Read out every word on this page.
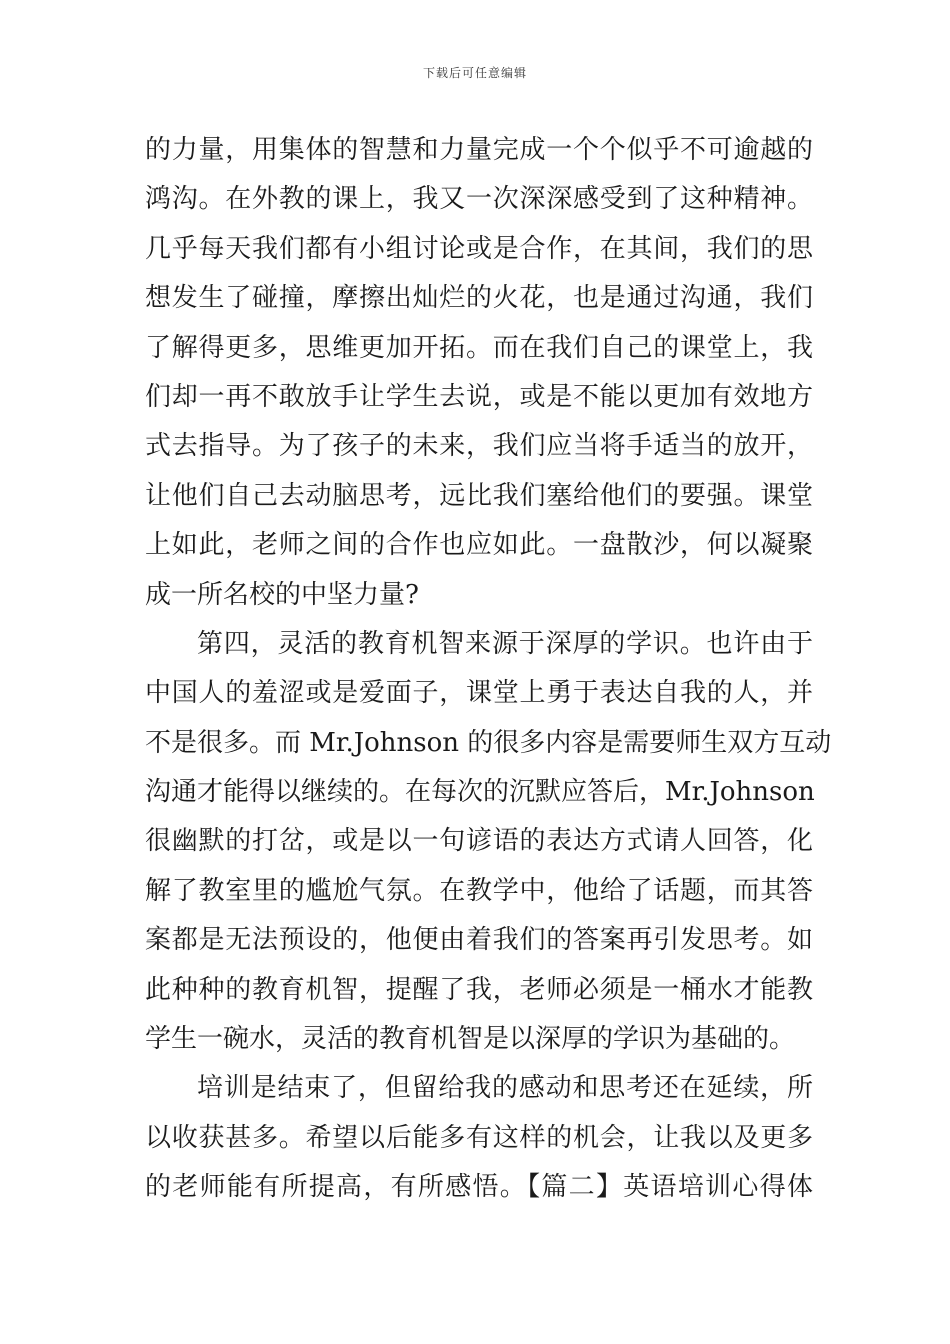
下载后可任意编辑
的力量，用集体的智慧和力量完成一个个似乎不可逾越的
鸿沟。在外教的课上，我又一次深深感受到了这种精神。
几乎每天我们都有小组讨论或是合作，在其间，我们的思
想发生了碰撞，摩擦出灿烂的火花，也是通过沟通，我们
了解得更多，思维更加开拓。而在我们自己的课堂上，我
们却一再不敢放手让学生去说，或是不能以更加有效地方
式去指导。为了孩子的未来，我们应当将手适当的放开，
让他们自己去动脑思考，远比我们塞给他们的要强。课堂
上如此，老师之间的合作也应如此。一盘散沙，何以凝聚
成一所名校的中坚力量?
第四，灵活的教育机智来源于深厚的学识。也许由于
中国人的羞涩或是爱面子，课堂上勇于表达自我的人，并
不是很多。而 Mr.Johnson 的很多内容是需要师生双方互动
沟通才能得以继续的。在每次的沉默应答后，Mr.Johnson
很幽默的打岔，或是以一句谚语的表达方式请人回答，化
解了教室里的尴尬气氛。在教学中，他给了话题，而其答
案都是无法预设的，他便由着我们的答案再引发思考。如
此种种的教育机智，提醒了我，老师必须是一桶水才能教
学生一碗水，灵活的教育机智是以深厚的学识为基础的。
培训是结束了，但留给我的感动和思考还在延续，所
以收获甚多。希望以后能多有这样的机会，让我以及更多
的老师能有所提高，有所感悟。【篇二】英语培训心得体
